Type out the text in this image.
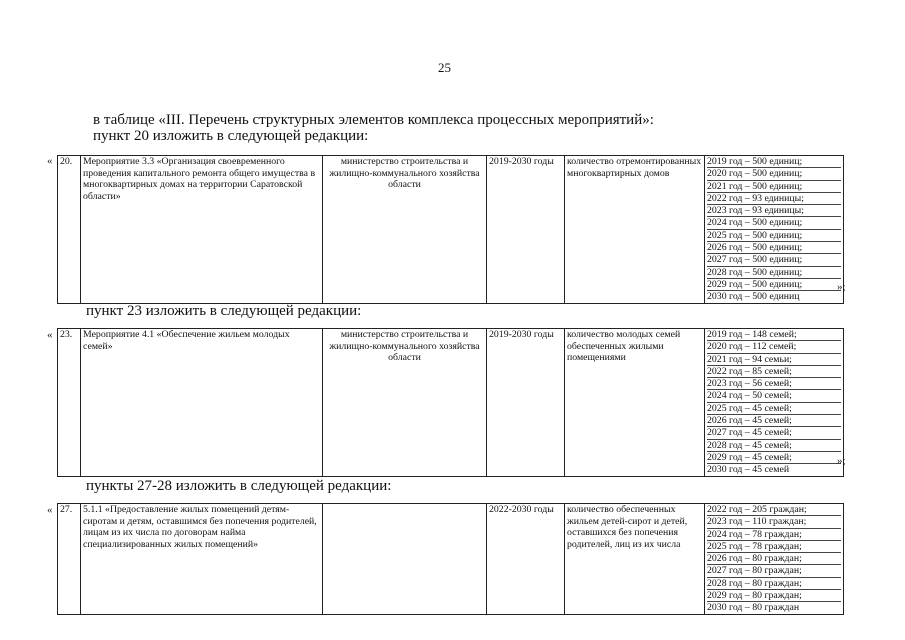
25
в таблице «III. Перечень структурных элементов комплекса процессных мероприятий»:
пункт 20 изложить в следующей редакции:
« 20.	Мероприятие 3.3 «Организация своевременного проведения капитального ремонта общего имущества в многоквартирных домах на территории Саратовской области»	министерство строительства и жилищно-коммунального хозяйства области	2019-2030 годы	количество отремонтированных многоквартирных домов	
2019 год – 500 единиц;
2020 год – 500 единиц;
2021 год – 500 единиц;
2022 год – 93 единицы;
2023 год – 93 единицы;
2024 год – 500 единиц;
2025 год – 500 единиц;
2026 год – 500 единиц;
2027 год – 500 единиц;
2028 год – 500 единиц;
2029 год – 500 единиц;
2030 год – 500 единиц
»;
пункт 23 изложить в следующей редакции:
« 23.	Мероприятие 4.1 «Обеспечение жильем молодых семей»	министерство строительства и жилищно-коммунального хозяйства области	2019-2030 годы	количество молодых семей обеспеченных жилыми помещениями	
2019 год – 148 семей;
2020 год – 112 семей;
2021 год – 94 семьи;
2022 год – 85 семей;
2023 год – 56 семей;
2024 год – 50 семей;
2025 год – 45 семей;
2026 год – 45 семей;
2027 год – 45 семей;
2028 год – 45 семей;
2029 год – 45 семей;
2030 год – 45 семей
»;
пункты 27-28 изложить в следующей редакции:
« 27.	5.1.1 «Предоставление жилых помещений детям-сиротам и детям, оставшимся без попечения родителей, лицам из их числа по договорам найма специализированных жилых помещений»		2022-2030 годы	количество обеспеченных жильем детей-сирот и детей, оставшихся без попечения родителей, лиц из их числа	
2022 год – 205 граждан;
2023 год – 110 граждан;
2024 год – 78 граждан;
2025 год – 78 граждан;
2026 год – 80 граждан;
2027 год – 80 граждан;
2028 год – 80 граждан;
2029 год – 80 граждан;
2030 год – 80 граждан
